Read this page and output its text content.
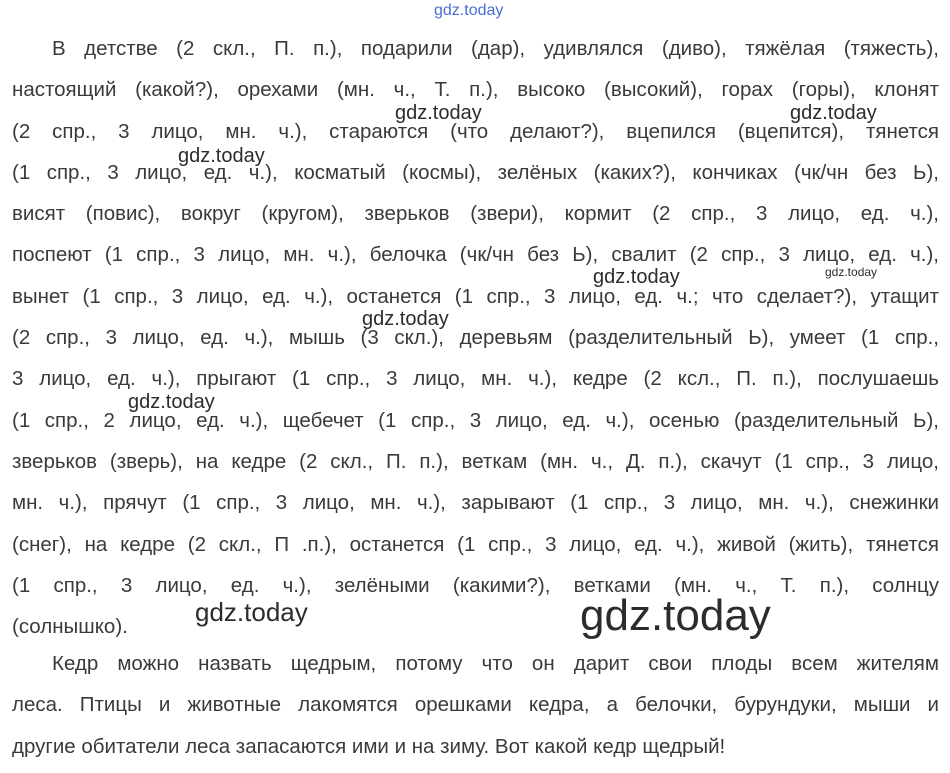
gdz.today
В детстве (2 скл., П. п.), подарили (дар), удивлялся (диво), тяжёлая (тяжесть),
настоящий (какой?), орехами (мн. ч., Т. п.), высоко (высокий), горах (горы), клонят
(2 спр., 3 лицо, мн. ч.), стараются (что делают?), вцепился (вцепится), тянется
(1 спр., 3 лицо, ед. ч.), косматый (космы), зелёных (каких?), кончиках (чк/чн без Ь),
висят (повис), вокруг (кругом), зверьков (звери), кормит (2 спр., 3 лицо, ед. ч.),
поспеют (1 спр., 3 лицо, мн. ч.), белочка (чк/чн без Ь), свалит (2 спр., 3 лицо, ед. ч.),
вынет (1 спр., 3 лицо, ед. ч.), останется (1 спр., 3 лицо, ед. ч.; что сделает?), утащит
(2 спр., 3 лицо, ед. ч.), мышь (3 скл.), деревьям (разделительный Ь), умеет (1 спр.,
3 лицо, ед. ч.), прыгают (1 спр., 3 лицо, мн. ч.), кедре (2 ксл., П. п.), послушаешь
(1 спр., 2 лицо, ед. ч.), щебечет (1 спр., 3 лицо, ед. ч.), осенью (разделительный Ь),
зверьков (зверь), на кедре (2 скл., П. п.), веткам (мн. ч., Д. п.), скачут (1 спр., 3 лицо,
мн. ч.), прячут (1 спр., 3 лицо, мн. ч.), зарывают (1 спр., 3 лицо, мн. ч.), снежинки
(снег), на кедре (2 скл., П .п.), останется (1 спр., 3 лицо, ед. ч.), живой (жить), тянется
(1 спр., 3 лицо, ед. ч.), зелёными (какими?), ветками (мн. ч., Т. п.), солнцу
(солнышко).
Кедр можно назвать щедрым, потому что он дарит свои плоды всем жителям
леса. Птицы и животные лакомятся орешками кедра, а белочки, бурундуки, мыши и
другие обитатели леса запасаются ими и на зиму. Вот какой кедр щедрый!
gdz.today	gdz.today
gdz.today
gdz.today	gdz.today
gdz.today
gdz.today
gdz.today	gdz.today
